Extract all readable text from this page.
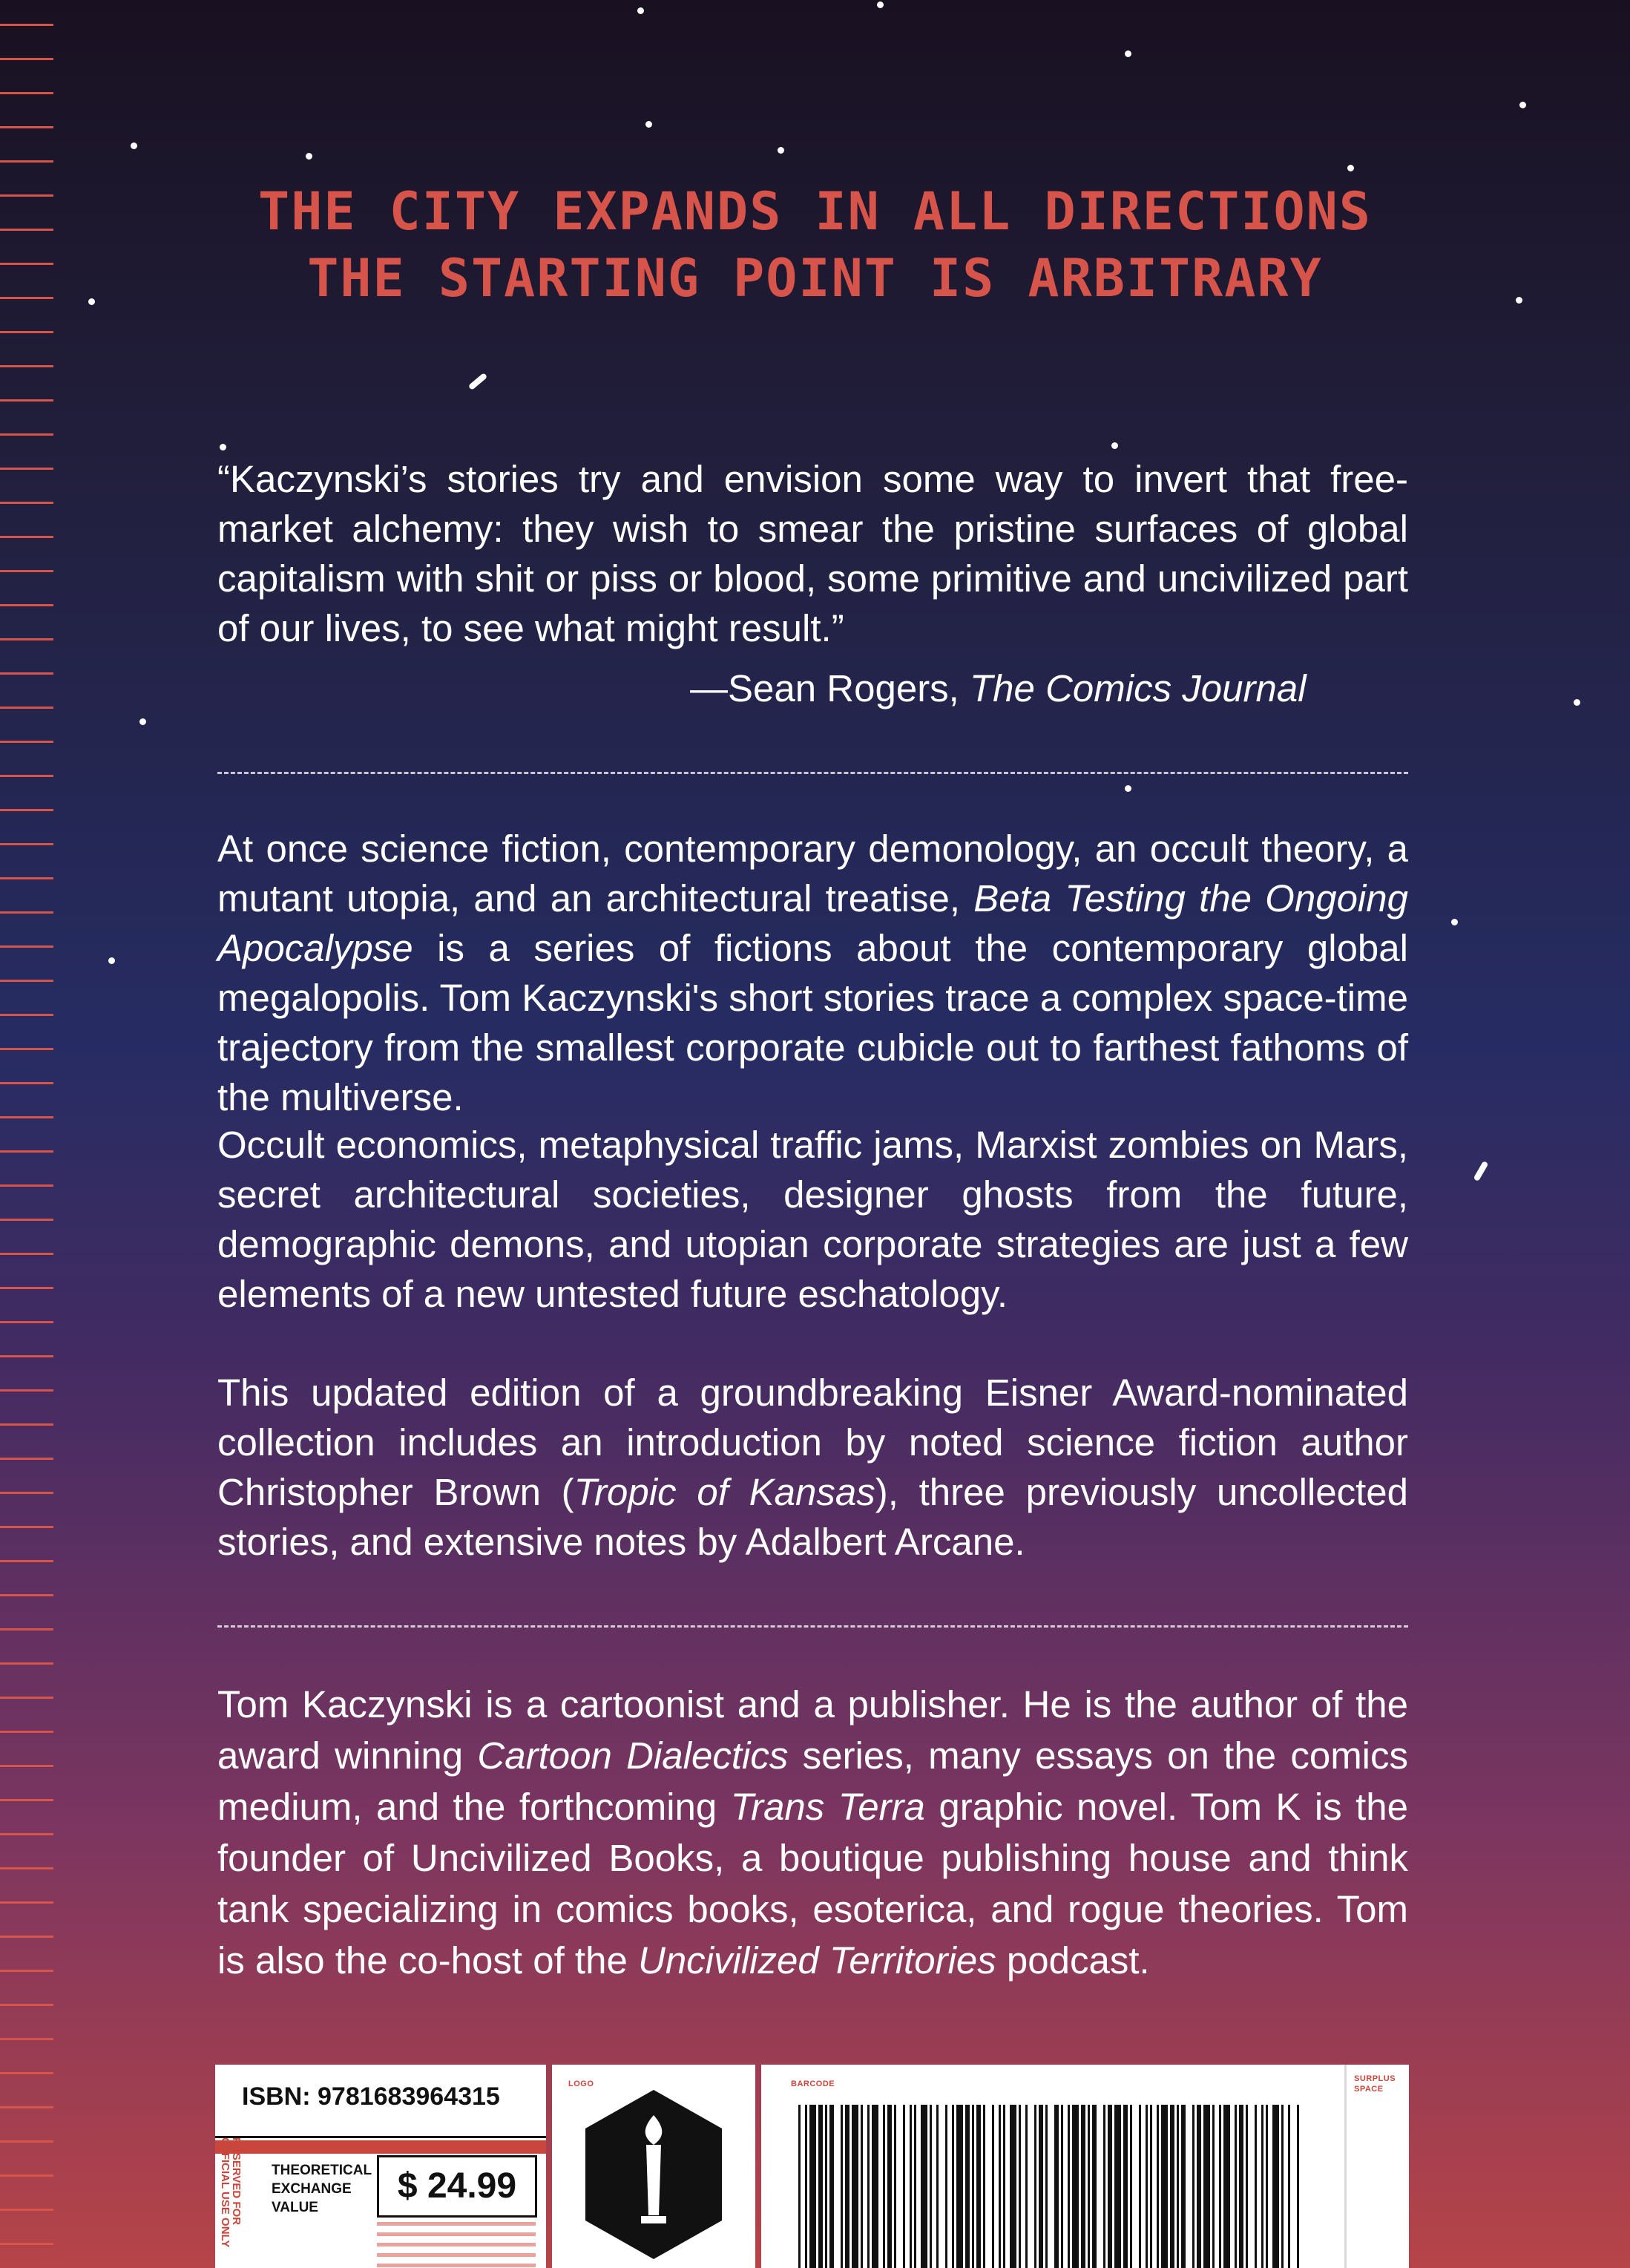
THE CITY EXPANDS IN ALL DIRECTIONS
THE STARTING POINT IS ARBITRARY
“Kaczynski’s stories try and envision some way to invert that free-market alchemy: they wish to smear the pristine surfaces of global capitalism with shit or piss or blood, some primitive and uncivilized part of our lives, to see what might result.”
—Sean Rogers, The Comics Journal
At once science fiction, contemporary demonology, an occult theory, a mutant utopia, and an architectural treatise, Beta Testing the Ongoing Apocalypse is a series of fictions about the contemporary global megalopolis. Tom Kaczynski's short stories trace a complex space-time trajectory from the smallest corporate cubicle out to farthest fathoms of the multiverse.
Occult economics, metaphysical traffic jams, Marxist zombies on Mars, secret architectural societies, designer ghosts from the future, demographic demons, and utopian corporate strategies are just a few elements of a new untested future eschatology.
This updated edition of a groundbreaking Eisner Award-nominated collection includes an introduction by noted science fiction author Christopher Brown (Tropic of Kansas), three previously uncollected stories, and extensive notes by Adalbert Arcane.
Tom Kaczynski is a cartoonist and a publisher. He is the author of the award winning Cartoon Dialectics series, many essays on the comics medium, and the forthcoming Trans Terra graphic novel. Tom K is the founder of Uncivilized Books, a boutique publishing house and think tank specializing in comics books, esoterica, and rogue theories. Tom is also the co-host of the Uncivilized Territories podcast.
ISBN: 9781683964315
THEORETICAL EXCHANGE VALUE
$ 24.99
RESERVED FOR OFFICIAL USE ONLY
LOGO	BARCODE
SURPLUS SPACE
